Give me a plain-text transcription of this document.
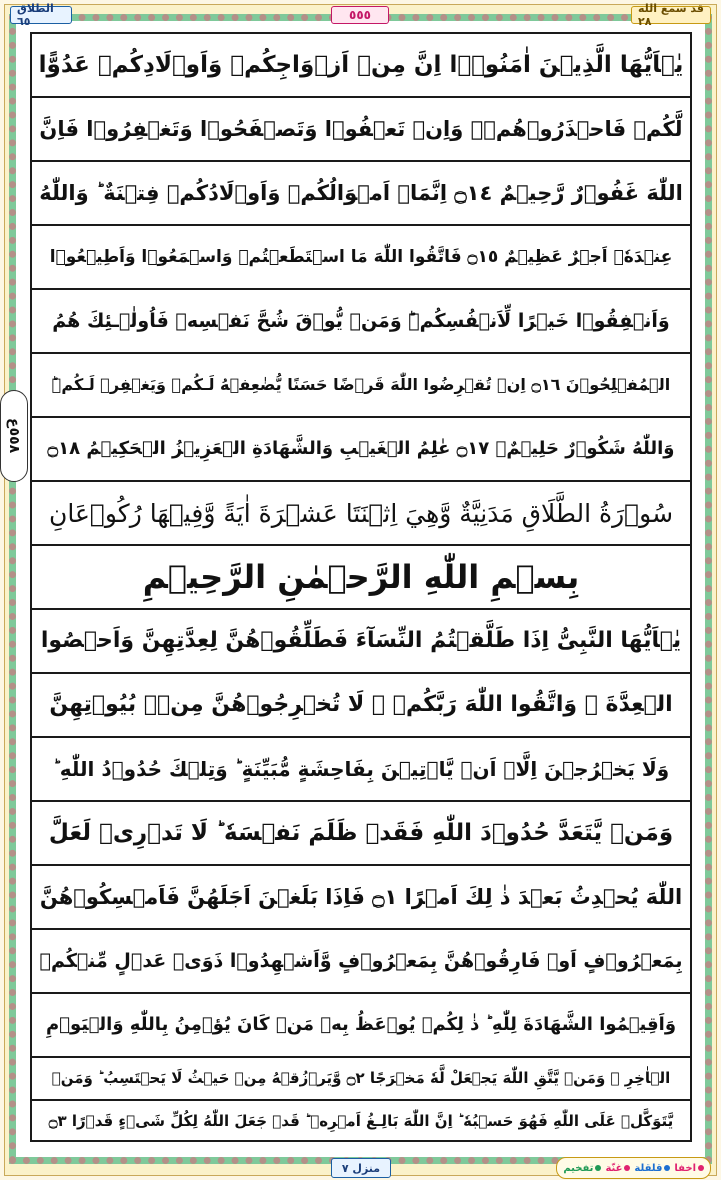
الطلاق ٦٥	٥٥٥	قد سمع الله ٢٨
٥٥٨ع
يٰۤاَيُّهَا الَّذِيۡنَ اٰمَنُوۡۤا اِنَّ مِنۡ اَزۡوَاجِكُمۡ وَاَوۡلَادِكُمۡ عَدُوًّا
لَّكُمۡ فَاحۡذَرُوۡهُمۡ‌ۚ وَاِنۡ تَعۡفُوۡا وَتَصۡفَحُوۡا وَتَغۡفِرُوۡا فَاِنَّ
اللّٰهَ غَفُوۡرٌ رَّحِيۡمٌ ۝١٤ اِنَّمَاۤ اَمۡوَالُكُمۡ وَاَوۡلَادُكُمۡ فِتۡنَةٌ‌ ؕ وَاللّٰهُ
عِنۡدَهٗۤ اَجۡرٌ عَظِيۡمٌ ۝١٥ فَاتَّقُوا اللّٰهَ مَا اسۡتَطَعۡتُمۡ وَاسۡمَعُوۡا وَاَطِيۡعُوۡا
وَاَنۡفِقُوۡا خَيۡرًا لِّاَنۡفُسِكُمۡ‌ؕ وَمَنۡ يُّوۡقَ شُحَّ نَفۡسِهٖ فَاُولٰۤـئِكَ هُمُ
الۡمُفۡلِحُوۡنَ ۝١٦ اِنۡ تُقۡرِضُوا اللّٰهَ قَرۡضًا حَسَنًا يُّضٰعِفۡهُ لَـكُمۡ وَيَغۡفِرۡ لَـكُمۡ‌ؕ
وَاللّٰهُ شَكُوۡرٌ حَلِيۡمٌۙ ۝١٧ عٰلِمُ الۡغَيۡبِ وَالشَّهَادَةِ الۡعَزِيۡزُ الۡحَكِيۡمُ ۝١٨
سُوۡرَةُ الطَّلَاقِ مَدَنِيَّةٌ وَّهِيَ اِثۡنَتَا عَشۡرَةَ اٰيَةً وَّفِيۡهَا رُكُوۡعَانِ
بِسۡمِ اللّٰهِ الرَّحۡمٰنِ الرَّحِيۡمِ
يٰۤاَيُّهَا النَّبِىُّ اِذَا طَلَّقۡتُمُ النِّسَآءَ فَطَلِّقُوۡهُنَّ لِعِدَّتِهِنَّ وَاَحۡصُوا
الۡعِدَّةَ ‌ۚ وَاتَّقُوا اللّٰهَ رَبَّكُمۡ‌ ۚ لَا تُخۡرِجُوۡهُنَّ مِنۡۢ بُيُوۡتِهِنَّ
وَلَا يَخۡرُجۡنَ اِلَّاۤ اَنۡ يَّاۡتِيۡنَ بِفَاحِشَةٍ مُّبَيِّنَةٍ‌ ؕ وَتِلۡكَ حُدُوۡدُ اللّٰهِ‌ ؕ
وَمَنۡ يَّتَعَدَّ حُدُوۡدَ اللّٰهِ فَقَدۡ ظَلَمَ نَفۡسَهٗ‌ ؕ لَا تَدۡرِىۡ لَعَلَّ
اللّٰهَ يُحۡدِثُ بَعۡدَ ذٰ لِكَ اَمۡرًا ۝١ فَاِذَا بَلَغۡنَ اَجَلَهُنَّ فَاَمۡسِكُوۡهُنَّ
بِمَعۡرُوۡفٍ اَوۡ فَارِقُوۡهُنَّ بِمَعۡرُوۡفٍ وَّاَشۡهِدُوۡا ذَوَىۡ عَدۡلٍ مِّنۡكُمۡ
وَاَقِيۡمُوا الشَّهَادَةَ لِلّٰهِ‌ ؕ ذٰ لِكُمۡ يُوۡعَظُ بِهٖ مَنۡ كَانَ يُؤۡمِنُ بِاللّٰهِ وَالۡيَوۡمِ
الۡاٰخِرِ ‌ۚ وَمَنۡ يَّتَّقِ اللّٰهَ يَجۡعَلْ لَّهٗ مَخۡرَجًا ۝٢ وَّيَرۡزُقۡهُ مِنۡ حَيۡثُ لَا يَحۡتَسِبُ‌ ؕ وَمَنۡ
يَّتَوَكَّلۡ عَلَى اللّٰهِ فَهُوَ حَسۡبُهٗ‌ ؕ اِنَّ اللّٰهَ بَالِـغُ اَمۡرِهٖ‌ ؕ قَدۡ جَعَلَ اللّٰهُ لِكُلِّ شَىۡءٍ قَدۡرًا ۝٣
منزل ٧	اخفا
قلقلة
غنّة
تفخيم
